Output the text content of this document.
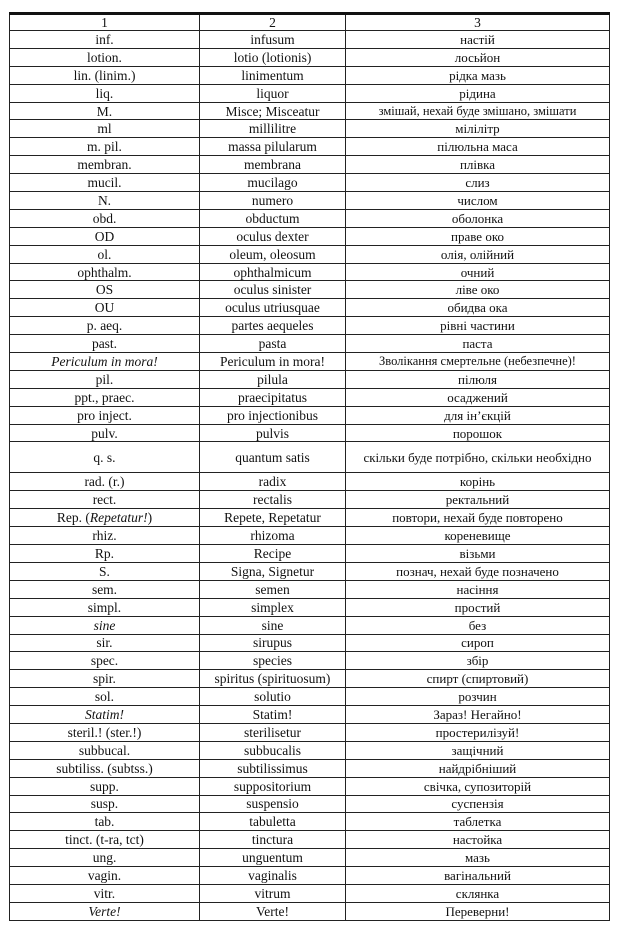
1	2	3
inf.	infusum	настій
lotion.	lotio (lotionis)	лосьйон
lin. (linim.)	linimentum	рідка мазь
liq.	liquor	рідина
M.	Misce; Misceatur	змішай, нехай буде змішано, змішати
ml	millilitre	мілілітр
m. pil.	massa pilularum	пілюльна маса
membran.	membrana	плівка
mucil.	mucilago	слиз
N.	numero	числом
obd.	obductum	оболонка
OD	oculus dexter	праве око
ol.	oleum, oleosum	олія, олійний
ophthalm.	ophthalmicum	очний
OS	oculus sinister	ліве око
OU	oculus utriusquae	обидва ока
p. aeq.	partes aequeles	рівні частини
past.	pasta	паста
Periculum in mora!	Periculum in mora!	Зволікання смертельне (небезпечне)!
pil.	pilula	пілюля
ppt., praec.	praecipitatus	осаджений
pro inject.	pro injectionibus	для ін’єкцій
pulv.	pulvis	порошок
q. s.	quantum satis	скільки буде потрібно, скільки необхідно
rad. (r.)	radix	корінь
rect.	rectalis	ректальний
Rep. (Repetatur!)	Repete, Repetatur	повтори, нехай буде повторено
rhiz.	rhizoma	кореневище
Rp.	Recipe	візьми
S.	Signa, Signetur	познач, нехай буде позначено
sem.	semen	насіння
simpl.	simplex	простий
sine	sine	без
sir.	sirupus	сироп
spec.	species	збір
spir.	spiritus (spirituosum)	спирт (спиртовий)
sol.	solutio	розчин
Statim!	Statim!	Зараз! Негайно!
steril.! (ster.!)	sterilisetur	простерилізуй!
subbucal.	subbucalis	защічний
subtiliss. (subtss.)	subtilissimus	найдрібніший
supp.	suppositorium	свічка, супозиторій
susp.	suspensio	суспензія
tab.	tabuletta	таблетка
tinct. (t-ra, tct)	tinctura	настойка
ung.	unguentum	мазь
vagin.	vaginalis	вагінальний
vitr.	vitrum	склянка
Verte!	Verte!	Переверни!
